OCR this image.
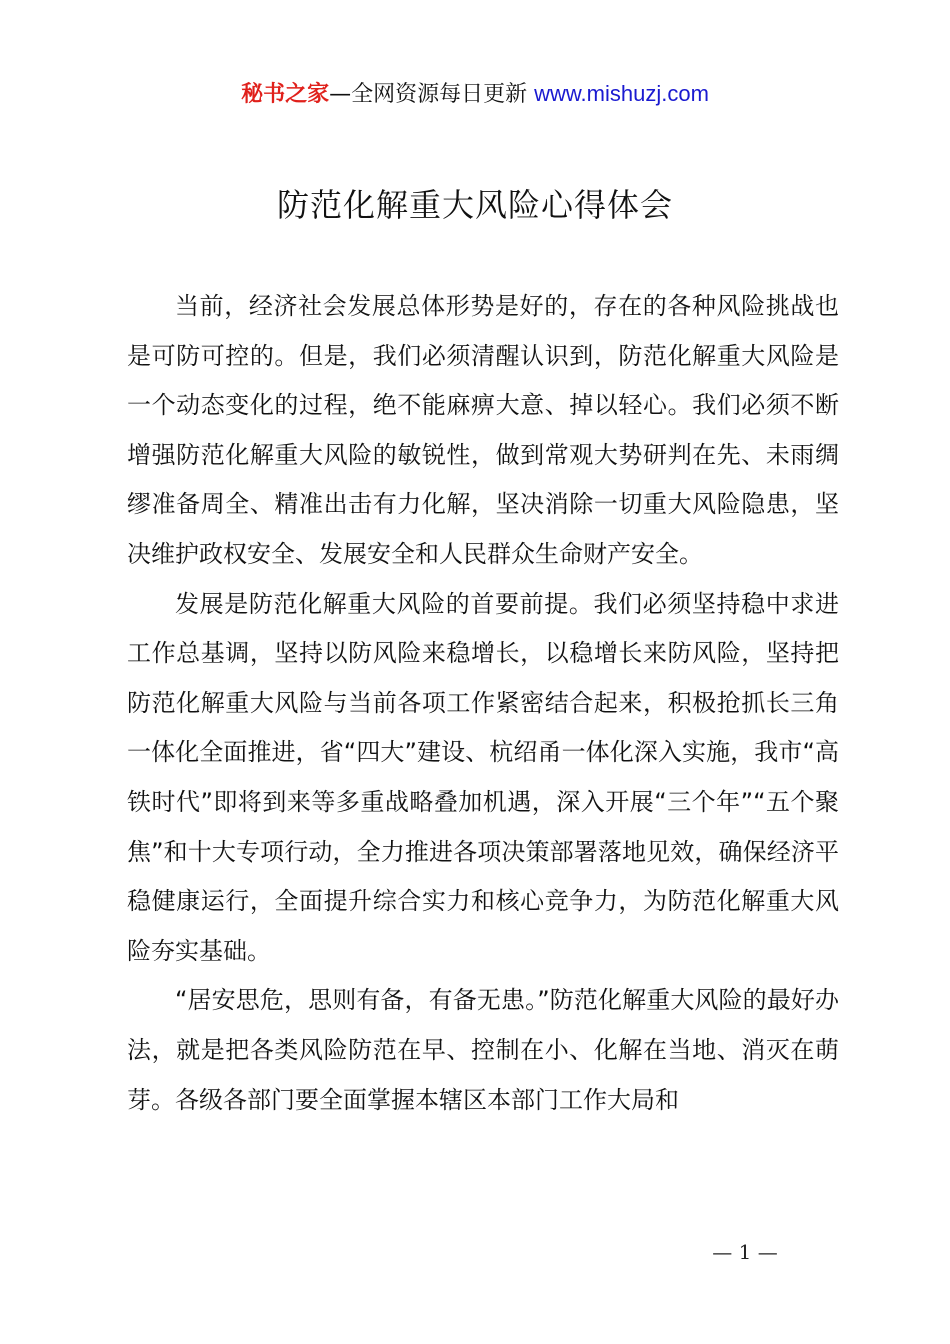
秘书之家—全网资源每日更新 www.mishuzj.com
防范化解重大风险心得体会

当前，经济社会发展总体形势是好的，存在的各种风险挑战也是可防可控的。但是，我们必须清醒认识到，防范化解重大风险是一个动态变化的过程，绝不能麻痹大意、掉以轻心。我们必须不断增强防范化解重大风险的敏锐性，做到常观大势研判在先、未雨绸缪准备周全、精准出击有力化解，坚决消除一切重大风险隐患，坚决维护政权安全、发展安全和人民群众生命财产安全。

发展是防范化解重大风险的首要前提。我们必须坚持稳中求进工作总基调，坚持以防风险来稳增长，以稳增长来防风险，坚持把防范化解重大风险与当前各项工作紧密结合起来，积极抢抓长三角一体化全面推进，省“四大”建设、杭绍甬一体化深入实施，我市“高铁时代”即将到来等多重战略叠加机遇，深入开展“三个年”“五个聚焦”和十大专项行动，全力推进各项决策部署落地见效，确保经济平稳健康运行，全面提升综合实力和核心竞争力，为防范化解重大风险夯实基础。

“居安思危，思则有备，有备无患。”防范化解重大风险的最好办法，就是把各类风险防范在早、控制在小、化解在当地、消灭在萌芽。各级各部门要全面掌握本辖区本部门工作大局和

— 1 —
